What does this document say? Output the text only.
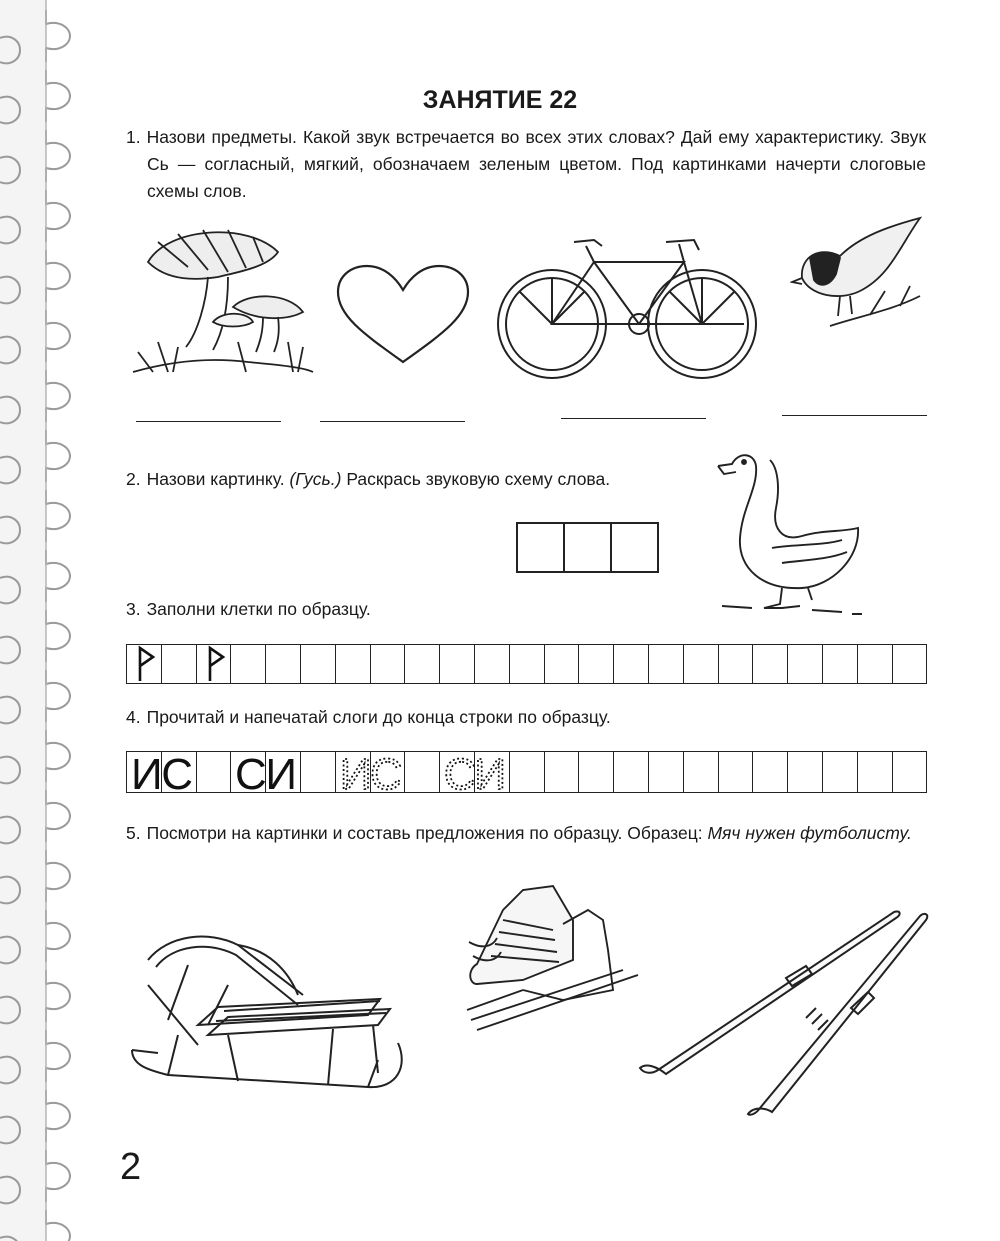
ЗАНЯТИЕ 22
1. Назови предметы. Какой звук встречается во всех этих словах? Дай ему характеристику. Звук Сь — согласный, мягкий, обозначаем зеленым цветом. Под картинками начерти слоговые схемы слов.
2. Назови картинку. (Гусь.) Раскрась звуковую схему слова.
3. Заполни клетки по образцу.
4. Прочитай и напечатай слоги до конца строки по образцу.
ИС СИ ИС СИ
5. Посмотри на картинки и составь предложения по образцу. Образец: Мяч нужен футболисту.
2
